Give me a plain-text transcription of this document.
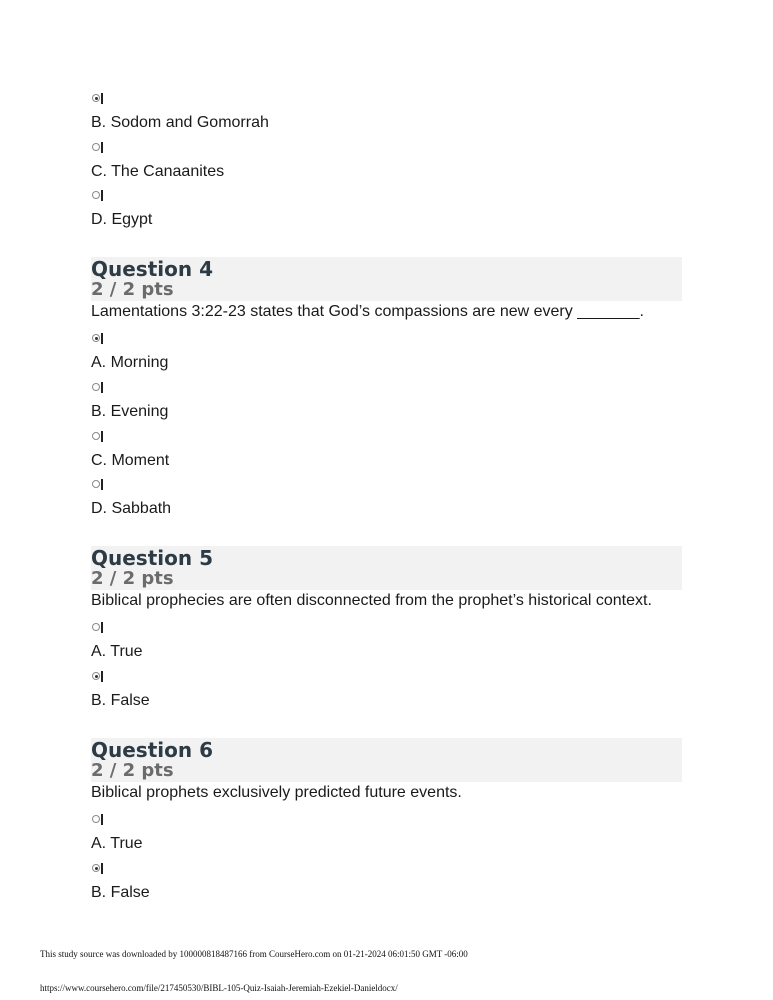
B. Sodom and Gomorrah
C. The Canaanites
D. Egypt
Question 4
2 / 2 pts
Lamentations 3:22-23 states that God’s compassions are new every _______.
A. Morning
B. Evening
C. Moment
D. Sabbath
Question 5
2 / 2 pts
Biblical prophecies are often disconnected from the prophet’s historical context.
A. True
B. False
Question 6
2 / 2 pts
Biblical prophets exclusively predicted future events.
A. True
B. False
This study source was downloaded by 100000818487166 from CourseHero.com on 01-21-2024 06:01:50 GMT -06:00
https://www.coursehero.com/file/217450530/BIBL-105-Quiz-Isaiah-Jeremiah-Ezekiel-Danieldocx/
